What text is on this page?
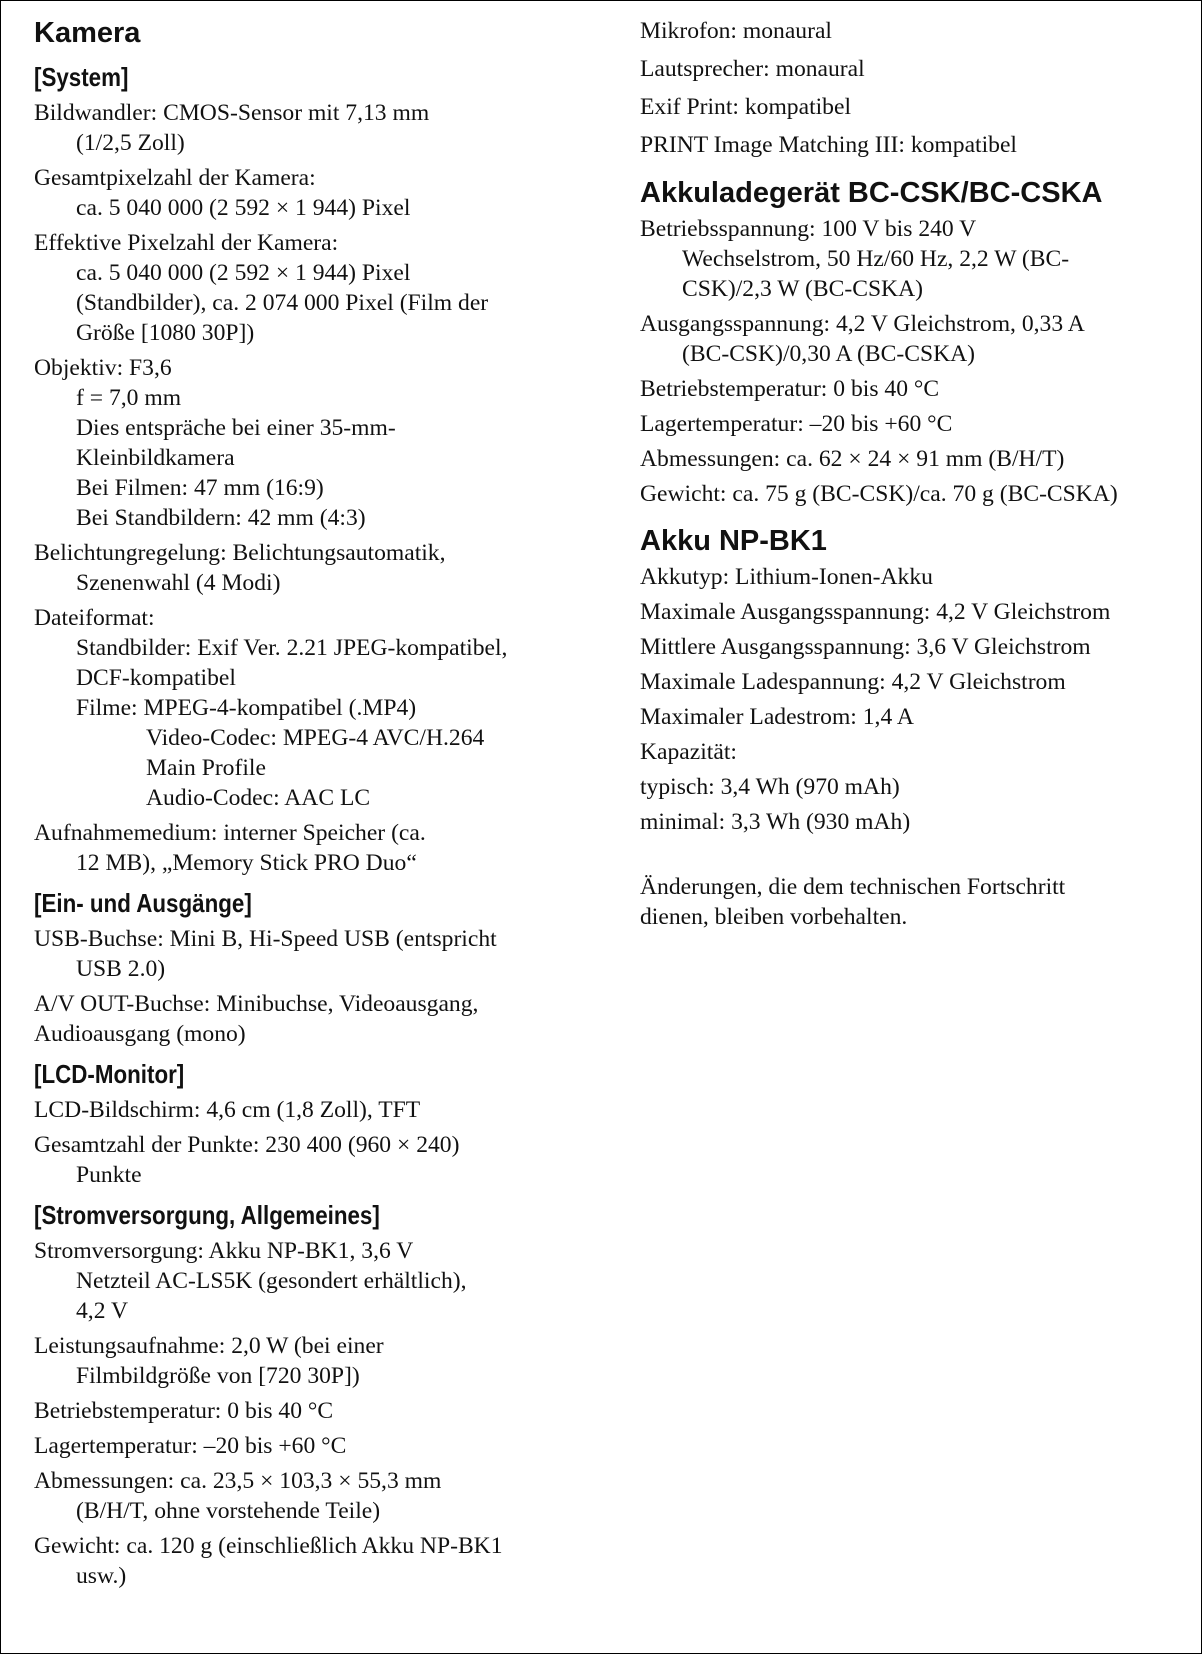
Kamera
[System]
Bildwandler: CMOS-Sensor mit 7,13 mm
(1/2,5 Zoll)
Gesamtpixelzahl der Kamera:
ca. 5 040 000 (2 592 × 1 944) Pixel
Effektive Pixelzahl der Kamera:
ca. 5 040 000 (2 592 × 1 944) Pixel
(Standbilder), ca. 2 074 000 Pixel (Film der
Größe [1080 30P])
Objektiv: F3,6
f = 7,0 mm
Dies entspräche bei einer 35-mm-
Kleinbildkamera
Bei Filmen: 47 mm (16:9)
Bei Standbildern: 42 mm (4:3)
Belichtungregelung: Belichtungsautomatik,
Szenenwahl (4 Modi)
Dateiformat:
Standbilder: Exif Ver. 2.21 JPEG-kompatibel,
DCF-kompatibel
Filme: MPEG-4-kompatibel (.MP4)
Video-Codec: MPEG-4 AVC/H.264
Main Profile
Audio-Codec: AAC LC
Aufnahmemedium: interner Speicher (ca.
12 MB), „Memory Stick PRO Duo“
[Ein- und Ausgänge]
USB-Buchse: Mini B, Hi-Speed USB (entspricht
USB 2.0)
A/V OUT-Buchse: Minibuchse, Videoausgang,
Audioausgang (mono)
[LCD-Monitor]
LCD-Bildschirm: 4,6 cm (1,8 Zoll), TFT
Gesamtzahl der Punkte: 230 400 (960 × 240)
Punkte
[Stromversorgung, Allgemeines]
Stromversorgung: Akku NP-BK1, 3,6 V
Netzteil AC-LS5K (gesondert erhältlich),
4,2 V
Leistungsaufnahme: 2,0 W (bei einer
Filmbildgröße von [720 30P])
Betriebstemperatur: 0 bis 40 °C
Lagertemperatur: –20 bis +60 °C
Abmessungen: ca. 23,5 × 103,3 × 55,3 mm
(B/H/T, ohne vorstehende Teile)
Gewicht: ca. 120 g (einschließlich Akku NP-BK1
usw.)
Mikrofon: monaural
Lautsprecher: monaural
Exif Print: kompatibel
PRINT Image Matching III: kompatibel
Akkuladegerät BC-CSK/BC-CSKA
Betriebsspannung: 100 V bis 240 V
Wechselstrom, 50 Hz/60 Hz, 2,2 W (BC-
CSK)/2,3 W (BC-CSKA)
Ausgangsspannung: 4,2 V Gleichstrom, 0,33 A
(BC-CSK)/0,30 A (BC-CSKA)
Betriebstemperatur: 0 bis 40 °C
Lagertemperatur: –20 bis +60 °C
Abmessungen: ca. 62 × 24 × 91 mm (B/H/T)
Gewicht: ca. 75 g (BC-CSK)/ca. 70 g (BC-CSKA)
Akku NP-BK1
Akkutyp: Lithium-Ionen-Akku
Maximale Ausgangsspannung: 4,2 V Gleichstrom
Mittlere Ausgangsspannung: 3,6 V Gleichstrom
Maximale Ladespannung: 4,2 V Gleichstrom
Maximaler Ladestrom: 1,4 A
Kapazität:
typisch: 3,4 Wh (970 mAh)
minimal: 3,3 Wh (930 mAh)
Änderungen, die dem technischen Fortschritt
dienen, bleiben vorbehalten.
